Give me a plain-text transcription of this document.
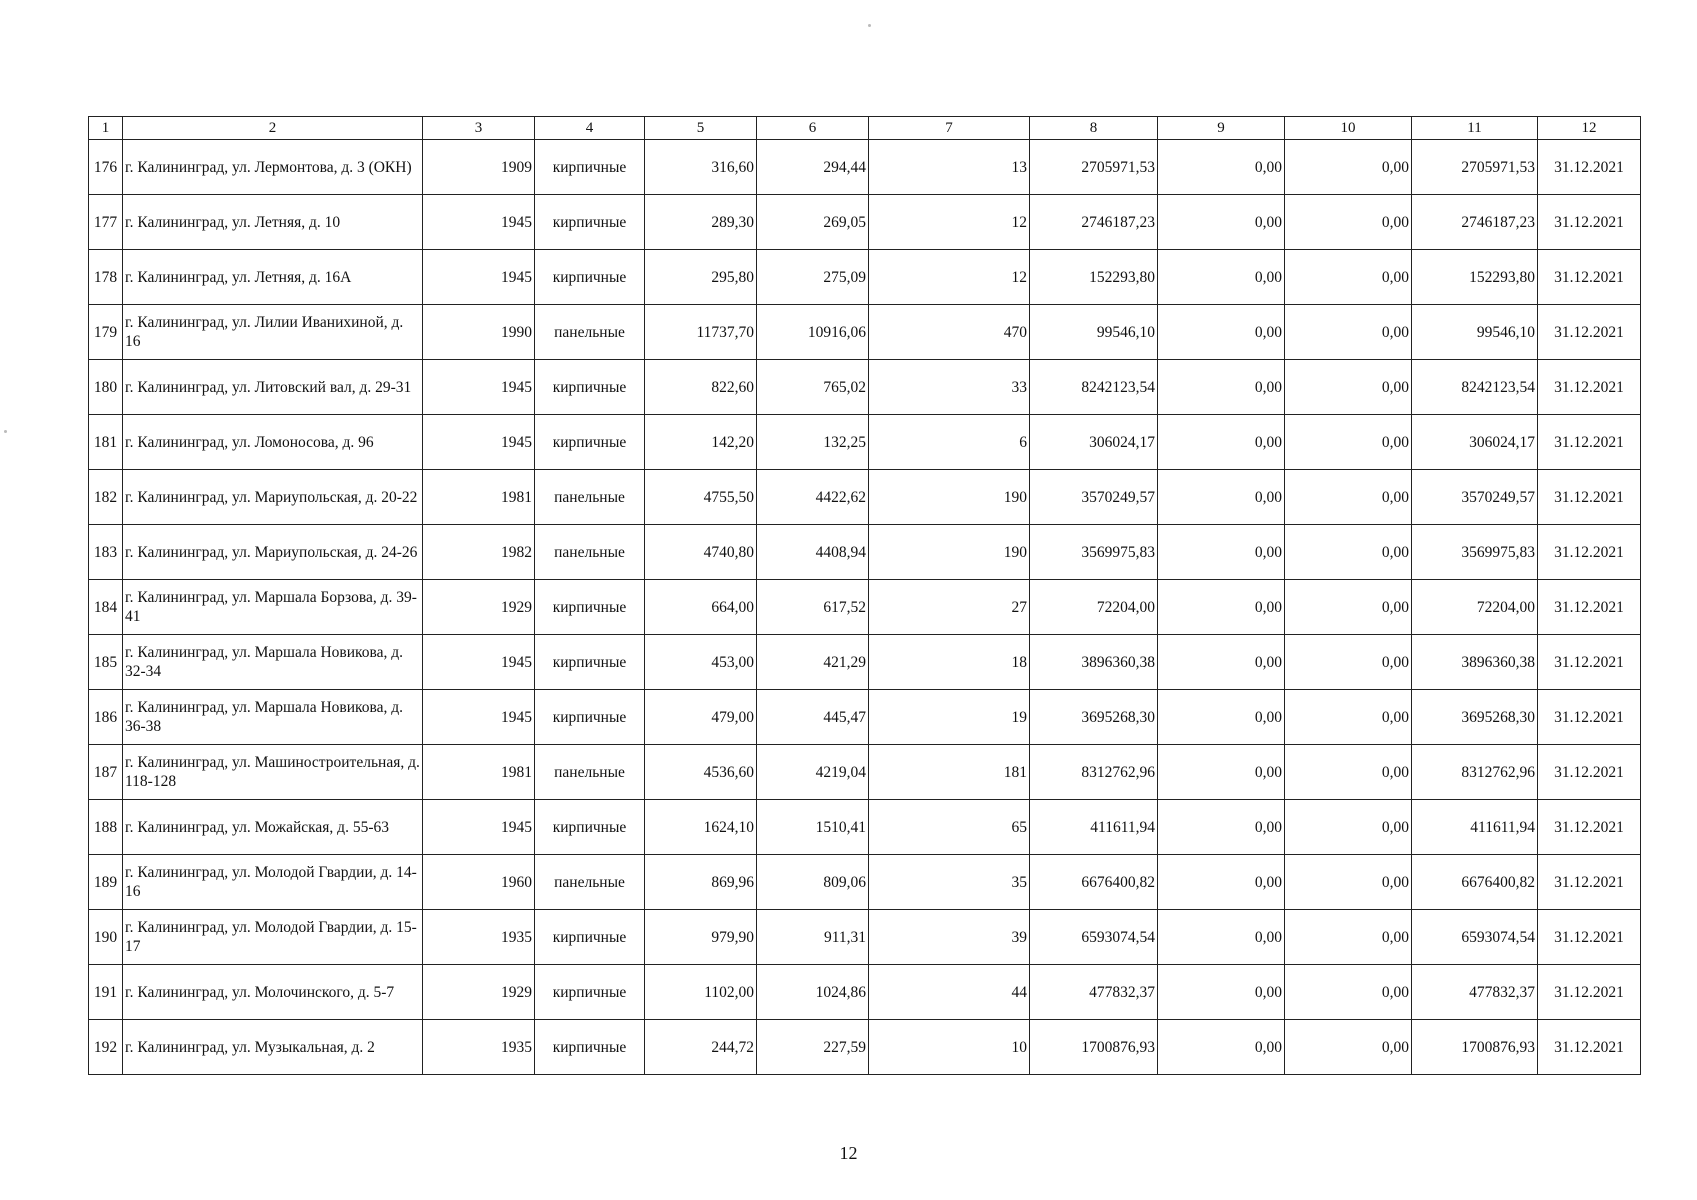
1	2	3	4	5	6	7	8	9	10	11	12
176	г. Калининград, ул. Лермонтова, д. 3 (ОКН)	1909	кирпичные	316,60	294,44	13	2705971,53	0,00	0,00	2705971,53	31.12.2021
177	г. Калининград, ул. Летняя, д. 10	1945	кирпичные	289,30	269,05	12	2746187,23	0,00	0,00	2746187,23	31.12.2021
178	г. Калининград, ул. Летняя, д. 16А	1945	кирпичные	295,80	275,09	12	152293,80	0,00	0,00	152293,80	31.12.2021
179	г. Калининград, ул. Лилии Иванихиной, д. 16	1990	панельные	11737,70	10916,06	470	99546,10	0,00	0,00	99546,10	31.12.2021
180	г. Калининград, ул. Литовский вал, д. 29-31	1945	кирпичные	822,60	765,02	33	8242123,54	0,00	0,00	8242123,54	31.12.2021
181	г. Калининград, ул. Ломоносова, д. 96	1945	кирпичные	142,20	132,25	6	306024,17	0,00	0,00	306024,17	31.12.2021
182	г. Калининград, ул. Мариупольская, д. 20-22	1981	панельные	4755,50	4422,62	190	3570249,57	0,00	0,00	3570249,57	31.12.2021
183	г. Калининград, ул. Мариупольская, д. 24-26	1982	панельные	4740,80	4408,94	190	3569975,83	0,00	0,00	3569975,83	31.12.2021
184	г. Калининград, ул. Маршала Борзова, д. 39-41	1929	кирпичные	664,00	617,52	27	72204,00	0,00	0,00	72204,00	31.12.2021
185	г. Калининград, ул. Маршала Новикова, д. 32-34	1945	кирпичные	453,00	421,29	18	3896360,38	0,00	0,00	3896360,38	31.12.2021
186	г. Калининград, ул. Маршала Новикова, д. 36-38	1945	кирпичные	479,00	445,47	19	3695268,30	0,00	0,00	3695268,30	31.12.2021
187	г. Калининград, ул. Машиностроительная, д. 118-128	1981	панельные	4536,60	4219,04	181	8312762,96	0,00	0,00	8312762,96	31.12.2021
188	г. Калининград, ул. Можайская, д. 55-63	1945	кирпичные	1624,10	1510,41	65	411611,94	0,00	0,00	411611,94	31.12.2021
189	г. Калининград, ул. Молодой Гвардии, д. 14-16	1960	панельные	869,96	809,06	35	6676400,82	0,00	0,00	6676400,82	31.12.2021
190	г. Калининград, ул. Молодой Гвардии, д. 15-17	1935	кирпичные	979,90	911,31	39	6593074,54	0,00	0,00	6593074,54	31.12.2021
191	г. Калининград, ул. Молочинского, д. 5-7	1929	кирпичные	1102,00	1024,86	44	477832,37	0,00	0,00	477832,37	31.12.2021
192	г. Калининград, ул. Музыкальная, д. 2	1935	кирпичные	244,72	227,59	10	1700876,93	0,00	0,00	1700876,93	31.12.2021
12
